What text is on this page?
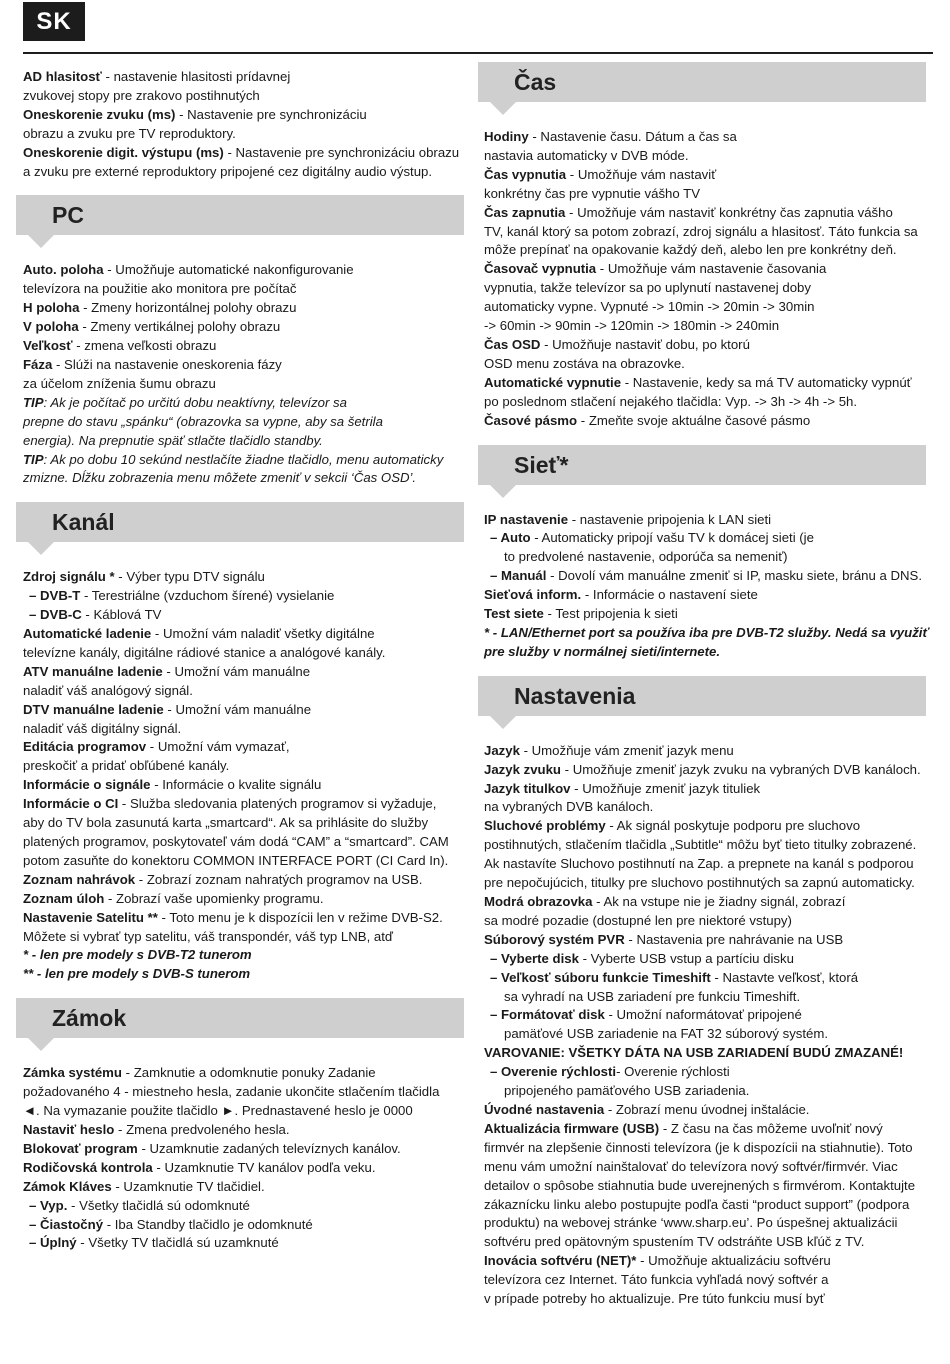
SK

AD hlasitosť - nastavenie hlasitosti prídavnej

zvukovej stopy pre zrakovo postihnutých

Oneskorenie zvuku (ms) - Nastavenie pre synchronizáciu

obrazu a zvuku pre TV reproduktory.

Oneskorenie digit. výstupu (ms) - Nastavenie pre synchronizáciu obrazu

a zvuku pre externé reproduktory pripojené cez digitálny audio výstup.

PC

Auto. poloha - Umožňuje automatické nakonfigurovanie

televízora na použitie ako monitora pre počítač

H poloha - Zmeny horizontálnej polohy obrazu

V poloha - Zmeny vertikálnej polohy obrazu

Veľkosť - zmena veľkosti obrazu

Fáza - Slúži na nastavenie oneskorenia fázy

za účelom zníženia šumu obrazu

TIP: Ak je počítač po určitú dobu neaktívny, televízor sa

prepne do stavu „spánku“ (obrazovka sa vypne, aby sa šetrila

energia). Na prepnutie späť stlačte tlačidlo standby.

TIP: Ak po dobu 10 sekúnd nestlačíte žiadne tlačidlo, menu automaticky

zmizne. Dĺžku zobrazenia menu môžete zmeniť v sekcii ‘Čas OSD’.

Kanál

Zdroj signálu * - Výber typu DTV signálu

– DVB-T - Terestriálne (vzduchom šírené) vysielanie

– DVB-C - Káblová TV

Automatické ladenie - Umožní vám naladiť všetky digitálne

televízne kanály, digitálne rádiové stanice a analógové kanály.

ATV manuálne ladenie - Umožní vám manuálne

naladiť váš analógový signál.

DTV manuálne ladenie - Umožní vám manuálne

naladiť váš digitálny signál.

Editácia programov - Umožní vám vymazať,

preskočiť a pridať obľúbené kanály.

Informácie o signále - Informácie o kvalite signálu

Informácie o CI - Služba sledovania platených programov si vyžaduje,

aby do TV bola zasunutá karta „smartcard“. Ak sa prihlásite do služby

platených programov, poskytovateľ vám dodá “CAM” a “smartcard”. CAM

potom zasuňte do konektoru COMMON INTERFACE PORT (CI Card In).

Zoznam nahrávok - Zobrazí zoznam nahratých programov na USB.

Zoznam úloh - Zobrazí vaše upomienky programu.

Nastavenie Satelitu ** - Toto menu je k dispozícii len v režime DVB-S2.

Môžete si vybrať typ satelitu, váš transpondér, váš typ LNB, atď

* - len pre modely s DVB-T2 tunerom

** - len pre modely s DVB-S tunerom

Zámok

Zámka systému - Zamknutie a odomknutie ponuky Zadanie

požadovaného 4 - miestneho hesla, zadanie ukončite stlačením tlačidla

◄. Na vymazanie použite tlačidlo ►. Prednastavené heslo je 0000

Nastaviť heslo - Zmena predvoleného hesla.

Blokovať program - Uzamknutie zadaných televíznych kanálov.

Rodičovská kontrola - Uzamknutie TV kanálov podľa veku.

Zámok Kláves - Uzamknutie TV tlačidiel.

– Vyp. - Všetky tlačidlá sú odomknuté

– Čiastočný - Iba Standby tlačidlo je odomknuté

– Úplný - Všetky TV tlačidlá sú uzamknuté

Čas

Hodiny - Nastavenie času. Dátum a čas sa

nastavia automaticky v DVB móde.

Čas vypnutia - Umožňuje vám nastaviť

konkrétny čas pre vypnutie vášho TV

Čas zapnutia - Umožňuje vám nastaviť konkrétny čas zapnutia vášho

TV, kanál ktorý sa potom zobrazí, zdroj signálu a hlasitosť. Táto funkcia sa

môže prepínať na opakovanie každý deň, alebo len pre konkrétny deň.

Časovač vypnutia - Umožňuje vám nastavenie časovania

vypnutia, takže televízor sa po uplynutí nastavenej doby

automaticky vypne. Vypnuté -> 10min -> 20min -> 30min

-> 60min -> 90min -> 120min -> 180min -> 240min

Čas OSD - Umožňuje nastaviť dobu, po ktorú

OSD menu zostáva na obrazovke.

Automatické vypnutie - Nastavenie, kedy sa má TV automaticky vypnúť

po poslednom stlačení nejakého tlačidla: Vyp. -> 3h -> 4h -> 5h.

Časové pásmo - Zmeňte svoje aktuálne časové pásmo

Sieť*

IP nastavenie - nastavenie pripojenia k LAN sieti

– Auto - Automaticky pripojí vašu TV k domácej sieti (je

to predvolené nastavenie, odporúča sa nemeniť)

– Manuál - Dovolí vám manuálne zmeniť si IP, masku siete, bránu a DNS.

Sieťová inform. - Informácie o nastavení siete

Test siete - Test pripojenia k sieti

* - LAN/Ethernet port sa používa iba pre DVB-T2 služby. Nedá sa využiť

pre služby v normálnej sieti/internete.

Nastavenia

Jazyk - Umožňuje vám zmeniť jazyk menu

Jazyk zvuku - Umožňuje zmeniť jazyk zvuku na vybraných DVB kanáloch.

Jazyk titulkov - Umožňuje zmeniť jazyk tituliek

na vybraných DVB kanáloch.

Sluchové problémy - Ak signál poskytuje podporu pre sluchovo

postihnutých, stlačením tlačidla „Subtitle“ môžu byť tieto titulky zobrazené.

Ak nastavíte Sluchovo postihnutí na Zap. a prepnete na kanál s podporou

pre nepočujúcich, titulky pre sluchovo postihnutých sa zapnú automaticky.

Modrá obrazovka - Ak na vstupe nie je žiadny signál, zobrazí

sa modré pozadie (dostupné len pre niektoré vstupy)

Súborový systém PVR - Nastavenia pre nahrávanie na USB

– Vyberte disk - Vyberte USB vstup a partíciu disku

– Veľkosť súboru funkcie Timeshift - Nastavte veľkosť, ktorá

sa vyhradí na USB zariadení pre funkciu Timeshift.

– Formátovať disk - Umožní naformátovať pripojené

pamäťové USB zariadenie na FAT 32 súborový systém.

VAROVANIE: VŠETKY DÁTA NA USB ZARIADENÍ BUDÚ ZMAZANÉ!

– Overenie rýchlosti- Overenie rýchlosti

pripojeného pamäťového USB zariadenia.

Úvodné nastavenia - Zobrazí menu úvodnej inštalácie.

Aktualizácia firmware (USB) - Z času na čas môžeme uvoľniť nový

firmvér na zlepšenie činnosti televízora (je k dispozícii na stiahnutie). Toto

menu vám umožní nainštalovať do televízora nový softvér/firmvér. Viac

detailov o spôsobe stiahnutia bude uverejnených s firmvérom. Kontaktujte

zákaznícku linku alebo postupujte podľa časti “product support” (podpora

produktu) na webovej stránke ‘www.sharp.eu’. Po úspešnej aktualizácii

softvéru pred opätovným spustením TV odstráňte USB kľúč z TV.

Inovácia softvéru (NET)* - Umožňuje aktualizáciu softvéru

televízora cez Internet. Táto funkcia vyhľadá nový softvér a

v prípade potreby ho aktualizuje. Pre túto funkciu musí byť
